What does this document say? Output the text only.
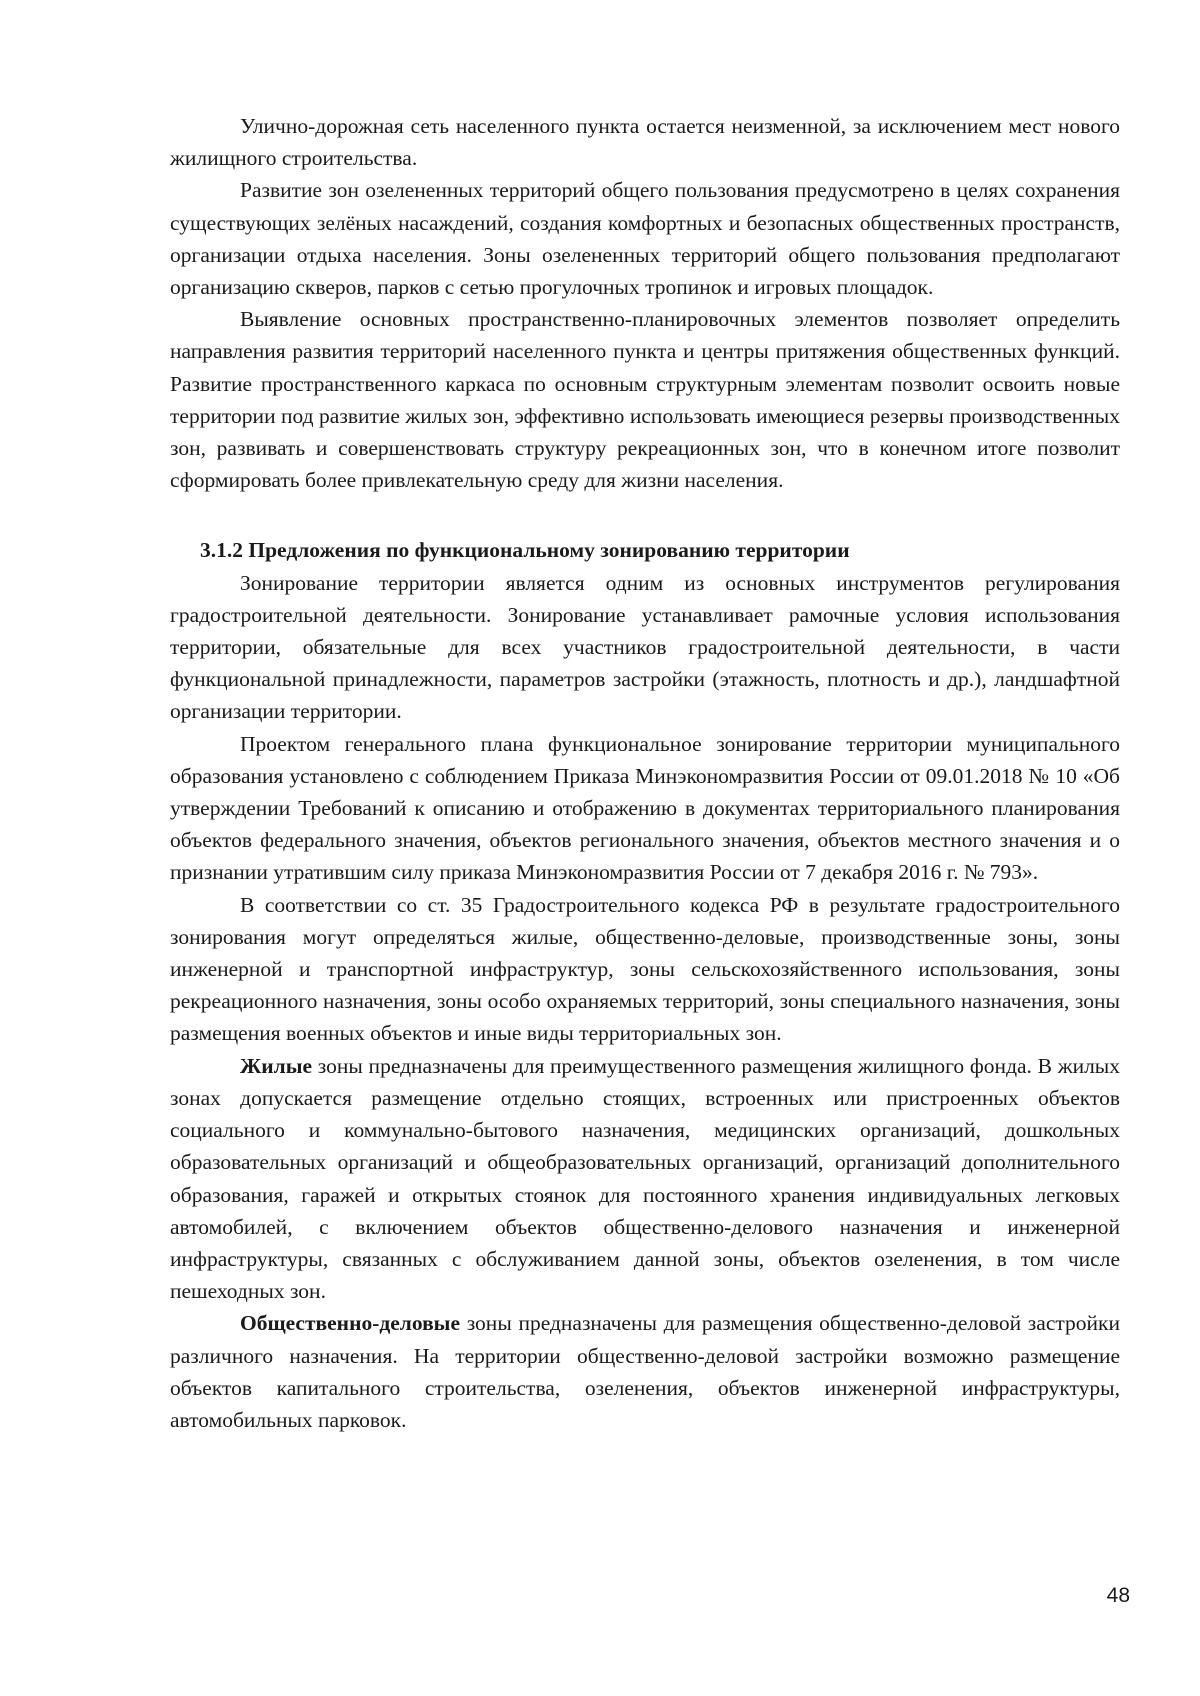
Улично-дорожная сеть населенного пункта остается неизменной, за исключением мест нового жилищного строительства.

Развитие зон озелененных территорий общего пользования предусмотрено в целях сохранения существующих зелёных насаждений, создания комфортных и безопасных общественных пространств, организации отдыха населения. Зоны озелененных территорий общего пользования предполагают организацию скверов, парков с сетью прогулочных тропинок и игровых площадок.

Выявление основных пространственно-планировочных элементов позволяет определить направления развития территорий населенного пункта и центры притяжения общественных функций. Развитие пространственного каркаса по основным структурным элементам позволит освоить новые территории под развитие жилых зон, эффективно использовать имеющиеся резервы производственных зон, развивать и совершенствовать структуру рекреационных зон, что в конечном итоге позволит сформировать более привлекательную среду для жизни населения.

3.1.2 Предложения по функциональному зонированию территории

Зонирование территории является одним из основных инструментов регулирования градостроительной деятельности. Зонирование устанавливает рамочные условия использования территории, обязательные для всех участников градостроительной деятельности, в части функциональной принадлежности, параметров застройки (этажность, плотность и др.), ландшафтной организации территории.

Проектом генерального плана функциональное зонирование территории муниципального образования установлено с соблюдением Приказа Минэкономразвития России от 09.01.2018 № 10 «Об утверждении Требований к описанию и отображению в документах территориального планирования объектов федерального значения, объектов регионального значения, объектов местного значения и о признании утратившим силу приказа Минэкономразвития России от 7 декабря 2016 г. № 793».

В соответствии со ст. 35 Градостроительного кодекса РФ в результате градостроительного зонирования могут определяться жилые, общественно-деловые, производственные зоны, зоны инженерной и транспортной инфраструктур, зоны сельскохозяйственного использования, зоны рекреационного назначения, зоны особо охраняемых территорий, зоны специального назначения, зоны размещения военных объектов и иные виды территориальных зон.

Жилые зоны предназначены для преимущественного размещения жилищного фонда. В жилых зонах допускается размещение отдельно стоящих, встроенных или пристроенных объектов социального и коммунально-бытового назначения, медицинских организаций, дошкольных образовательных организаций и общеобразовательных организаций, организаций дополнительного образования, гаражей и открытых стоянок для постоянного хранения индивидуальных легковых автомобилей, с включением объектов общественно-делового назначения и инженерной инфраструктуры, связанных с обслуживанием данной зоны, объектов озеленения, в том числе пешеходных зон.

Общественно-деловые зоны предназначены для размещения общественно-деловой застройки различного назначения. На территории общественно-деловой застройки возможно размещение объектов капитального строительства, озеленения, объектов инженерной инфраструктуры, автомобильных парковок.

48
